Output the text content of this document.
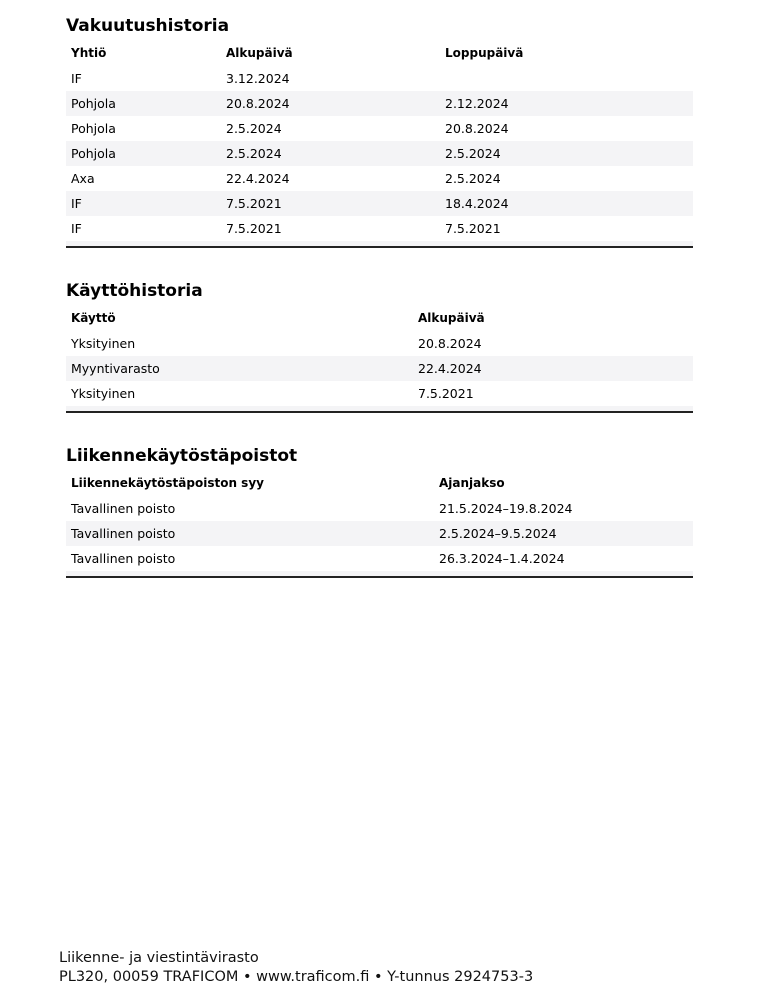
Vakuutushistoria
Yhtiö	Alkupäivä	Loppupäivä
IF	3.12.2024	
Pohjola	20.8.2024	2.12.2024
Pohjola	2.5.2024	20.8.2024
Pohjola	2.5.2024	2.5.2024
Axa	22.4.2024	2.5.2024
IF	7.5.2021	18.4.2024
IF	7.5.2021	7.5.2021

Käyttöhistoria
Käyttö	Alkupäivä
Yksityinen	20.8.2024
Myyntivarasto	22.4.2024
Yksityinen	7.5.2021

Liikennekäytöstäpoistot
Liikennekäytöstäpoiston syy	Ajanjakso
Tavallinen poisto	21.5.2024–19.8.2024
Tavallinen poisto	2.5.2024–9.5.2024
Tavallinen poisto	26.3.2024–1.4.2024

Liikenne- ja viestintävirasto
PL320, 00059 TRAFICOM • www.traficom.fi • Y-tunnus 2924753-3
